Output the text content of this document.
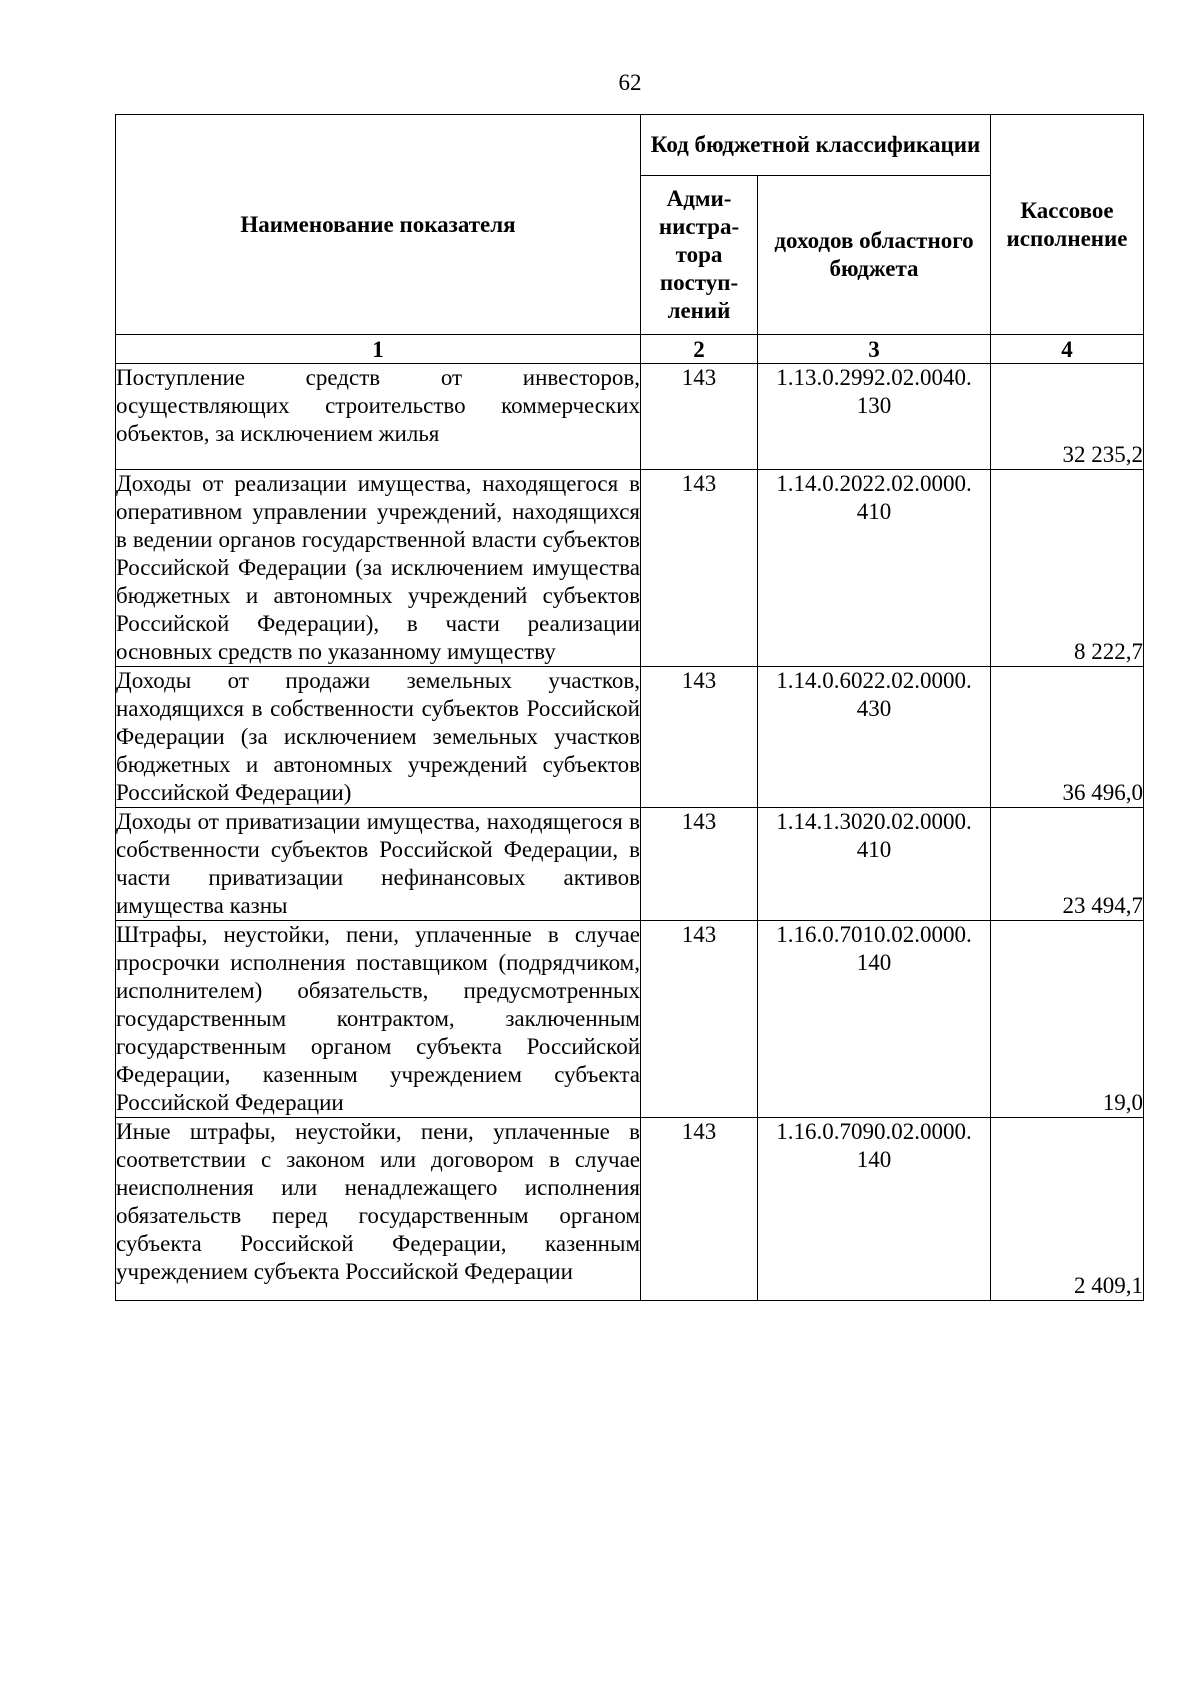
62
Наименование показателя	Код бюджетной классификации		Кассовое исполнение
	Адми-нистра-тора поступ-лений	доходов областного бюджета	
1	2	3	4
Поступление средств от инвесторов, осуществляющих строительство коммерческих объектов, за исключением жилья	143	1.13.0.2992.02.0040. 130	32 235,2
Доходы от реализации имущества, находящегося в оперативном управлении учреждений, находящихся в ведении органов государственной власти субъектов Российской Федерации (за исключением имущества бюджетных и автономных учреждений субъектов Российской Федерации), в части реализации основных средств по указанному имуществу	143	1.14.0.2022.02.0000. 410	8 222,7
Доходы от продажи земельных участков, находящихся в собственности субъектов Российской Федерации (за исключением земельных участков бюджетных и автономных учреждений субъектов Российской Федерации)	143	1.14.0.6022.02.0000. 430	36 496,0
Доходы от приватизации имущества, находящегося в собственности субъектов Российской Федерации, в части приватизации нефинансовых активов имущества казны	143	1.14.1.3020.02.0000. 410	23 494,7
Штрафы, неустойки, пени, уплаченные в случае просрочки исполнения поставщиком (подрядчиком, исполнителем) обязательств, предусмотренных государственным контрактом, заключенным государственным органом субъекта Российской Федерации, казенным учреждением субъекта Российской Федерации	143	1.16.0.7010.02.0000. 140	19,0
Иные штрафы, неустойки, пени, уплаченные в соответствии с законом или договором в случае неисполнения или ненадлежащего исполнения обязательств перед государственным органом субъекта Российской Федерации, казенным учреждением субъекта Российской Федерации	143	1.16.0.7090.02.0000. 140	2 409,1
